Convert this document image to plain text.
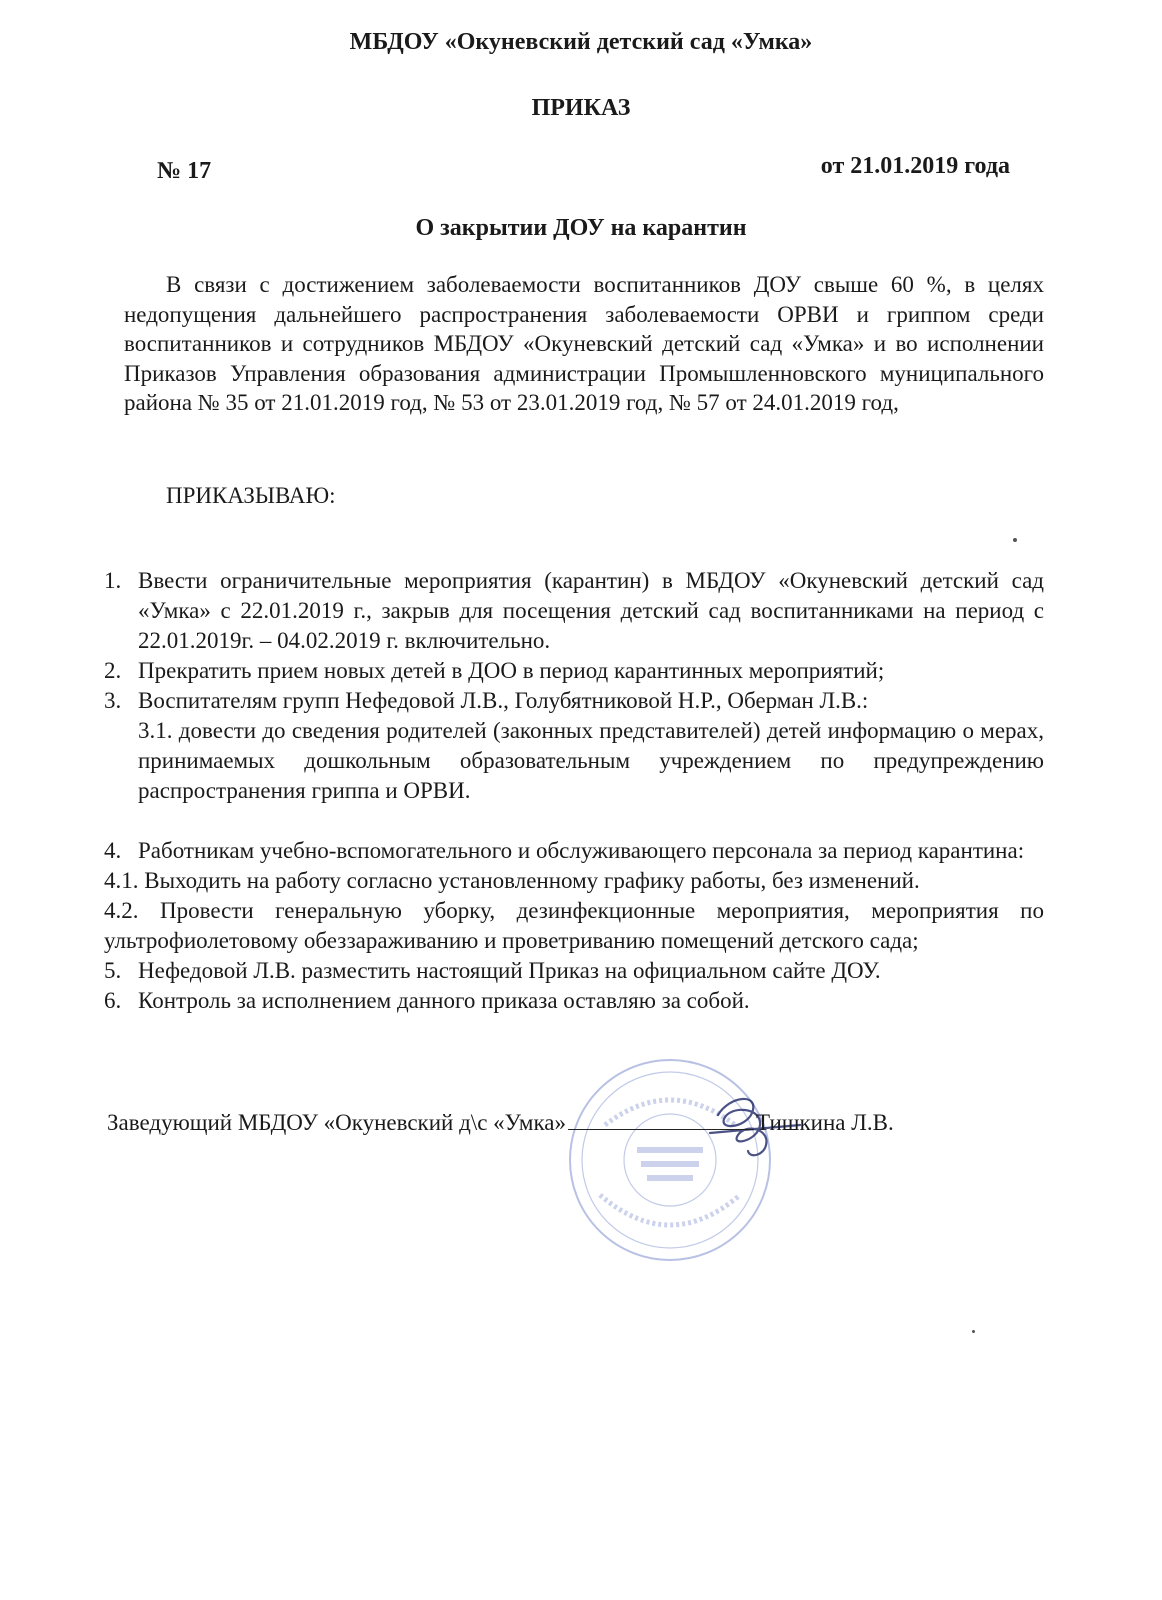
МБДОУ «Окуневский детский сад «Умка»
ПРИКАЗ
№ 17	от 21.01.2019 года
О закрытии ДОУ на карантин

В связи с достижением заболеваемости воспитанников ДОУ свыше 60 %, в целях недопущения дальнейшего распространения заболеваемости ОРВИ и гриппом среди воспитанников и сотрудников МБДОУ «Окуневский детский сад «Умка» и во исполнении Приказов Управления образования администрации Промышленновского муниципального района № 35 от 21.01.2019 год, № 53 от 23.01.2019 год, № 57 от 24.01.2019 год,

ПРИКАЗЫВАЮ:

1. Ввести ограничительные мероприятия (карантин) в МБДОУ «Окуневский детский сад «Умка» с 22.01.2019 г., закрыв для посещения детский сад воспитанниками на период с 22.01.2019г. – 04.02.2019 г. включительно.

2. Прекратить прием новых детей в ДОО в период карантинных мероприятий;

3. Воспитателям групп Нефедовой Л.В., Голубятниковой Н.Р., Оберман Л.В.:

3.1. довести до сведения родителей (законных представителей) детей информацию о мерах, принимаемых дошкольным образовательным учреждением по предупреждению распространения гриппа и ОРВИ.

4. Работникам учебно-вспомогательного и обслуживающего персонала за период карантина:

4.1. Выходить на работу согласно установленному графику работы, без изменений.

4.2. Провести генеральную уборку, дезинфекционные мероприятия, мероприятия по ультрофиолетовому обеззараживанию и проветриванию помещений детского сада;

5. Нефедовой Л.В. разместить настоящий Приказ на официальном сайте ДОУ.

6. Контроль за исполнением данного приказа оставляю за собой.

Заведующий МБДОУ «Окуневский д\с «Умка»	Тишкина Л.В.
